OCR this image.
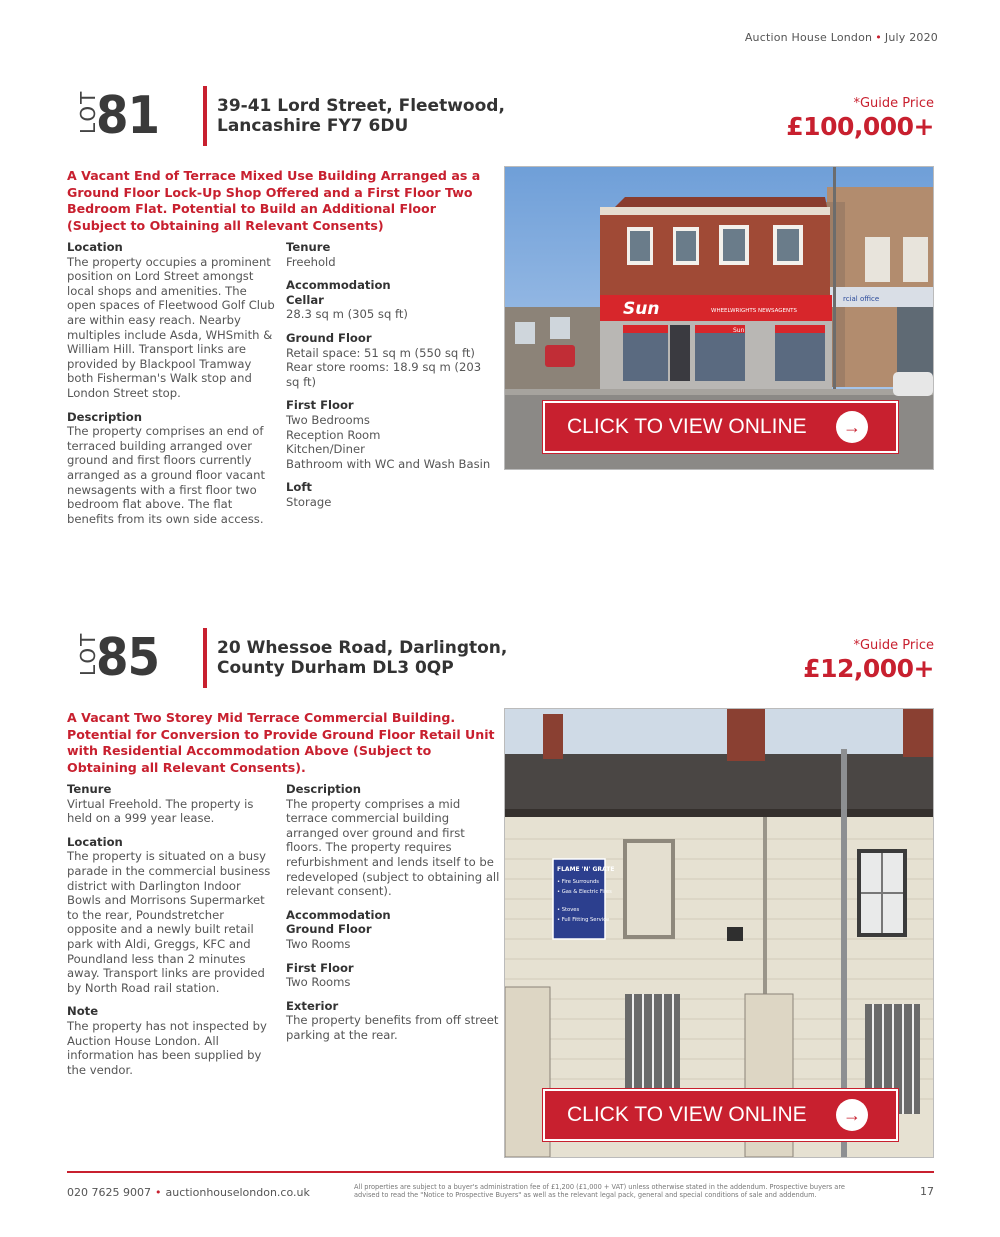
Auction House London • July 2020
LOT
81	39-41 Lord Street, Fleetwood,
Lancashire FY7 6DU
*Guide Price
£100,000+
A Vacant End of Terrace Mixed Use Building Arranged as a Ground Floor Lock-Up Shop Offered and a First Floor Two Bedroom Flat. Potential to Build an Additional Floor (Subject to Obtaining all Relevant Consents)
Location
The property occupies a prominent position on Lord Street amongst local shops and amenities. The open spaces of Fleetwood Golf Club are within easy reach. Nearby multiples include Asda, WHSmith & William Hill. Transport links are provided by Blackpool Tramway both Fisherman's Walk stop and London Street stop.
Description
The property comprises an end of terraced building arranged over ground and first floors currently arranged as a ground floor vacant newsagents with a first floor two bedroom flat above. The flat benefits from its own side access.
Tenure
Freehold
Accommodation
Cellar
28.3 sq m (305 sq ft)
Ground Floor
Retail space: 51 sq m (550 sq ft)
Rear store rooms: 18.9 sq m (203 sq ft)
First Floor
Two Bedrooms
Reception Room
Kitchen/Diner
Bathroom with WC and Wash Basin
Loft
Storage
rcial office
Sun	WHEELWRIGHTS NEWSAGENTS
Sun
CLICK TO VIEW ONLINE	→
LOT
85	20 Whessoe Road, Darlington,
County Durham DL3 0QP
*Guide Price
£12,000+
A Vacant Two Storey Mid Terrace Commercial Building. Potential for Conversion to Provide Ground Floor Retail Unit with Residential Accommodation Above (Subject to Obtaining all Relevant Consents).
Tenure
Virtual Freehold. The property is held on a 999 year lease.
Location
The property is situated on a busy parade in the commercial business district with Darlington Indoor Bowls and Morrisons Supermarket to the rear, Poundstretcher opposite and a newly built retail park with Aldi, Greggs, KFC and Poundland less than 2 minutes away. Transport links are provided by North Road rail station.
Note
The property has not inspected by Auction House London. All information has been supplied by the vendor.
Description
The property comprises a mid terrace commercial building arranged over ground and first floors. The property requires refurbishment and lends itself to be redeveloped (subject to obtaining all relevant consent).
Accommodation
Ground Floor
Two Rooms
First Floor
Two Rooms
Exterior
The property benefits from off street parking at the rear.
FLAME 'N' GRATE
• Fire Surrounds
• Gas & Electric Fires
• Stoves
• Full Fitting Service
CLICK TO VIEW ONLINE	→
020 7625 9007 • auctionhouselondon.co.uk	All properties are subject to a buyer's administration fee of £1,200 (£1,000 + VAT) unless otherwise stated in the addendum. Prospective buyers are advised to read the "Notice to Prospective Buyers" as well as the relevant legal pack, general and special conditions of sale and addendum.	17
